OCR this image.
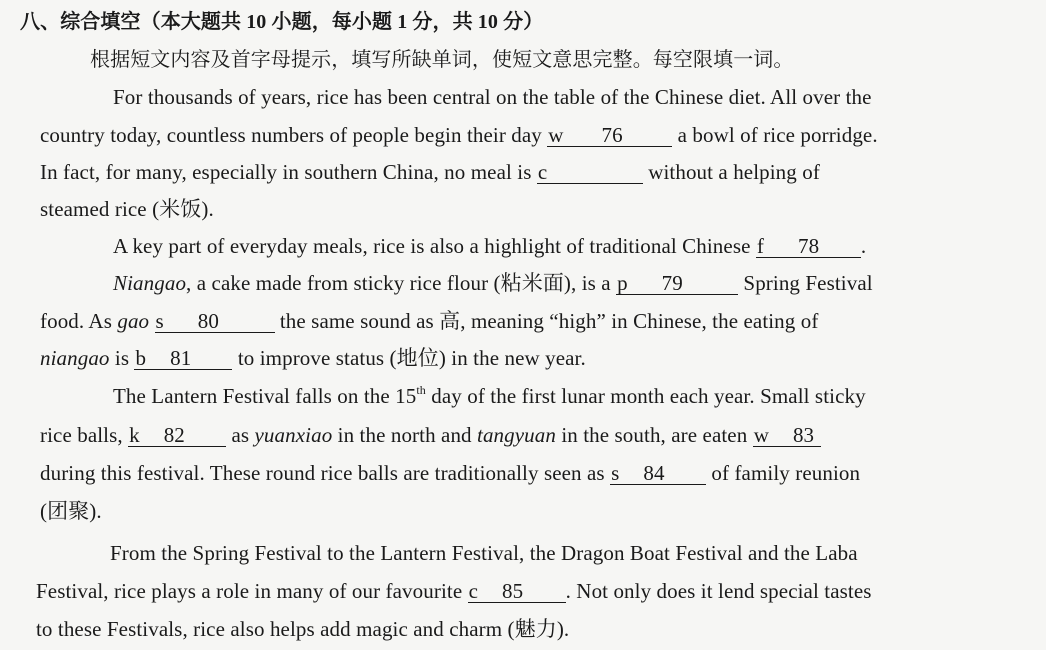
八、综合填空（本大题共 10 小题，每小题 1 分，共 10 分）
根据短文内容及首字母提示，填写所缺单词，使短文意思完整。每空限填一词。
For thousands of years, rice has been central on the table of the Chinese diet. All over the
country today, countless numbers of people begin their day w 76	a bowl of rice porridge.
In fact, for many, especially in southern China, no meal is c	without a helping of
steamed rice (米饭).
A key part of everyday meals, rice is also a highlight of traditional Chinese f 78 .
Niangao, a cake made from sticky rice flour (粘米面), is a p 79	Spring Festival
food. As gao s 80	the same sound as 高, meaning “high” in Chinese, the eating of
niangao is b 81 to improve status (地位) in the new year.
The Lantern Festival falls on the 15th day of the first lunar month each year. Small sticky
rice balls, k 82 as yuanxiao in the north and tangyuan in the south, are eaten w 83
during this festival. These round rice balls are traditionally seen as s 84 of family reunion
(团聚).
From the Spring Festival to the Lantern Festival, the Dragon Boat Festival and the Laba
Festival, rice plays a role in many of our favourite c 85 . Not only does it lend special tastes
to these Festivals, rice also helps add magic and charm (魅力).
